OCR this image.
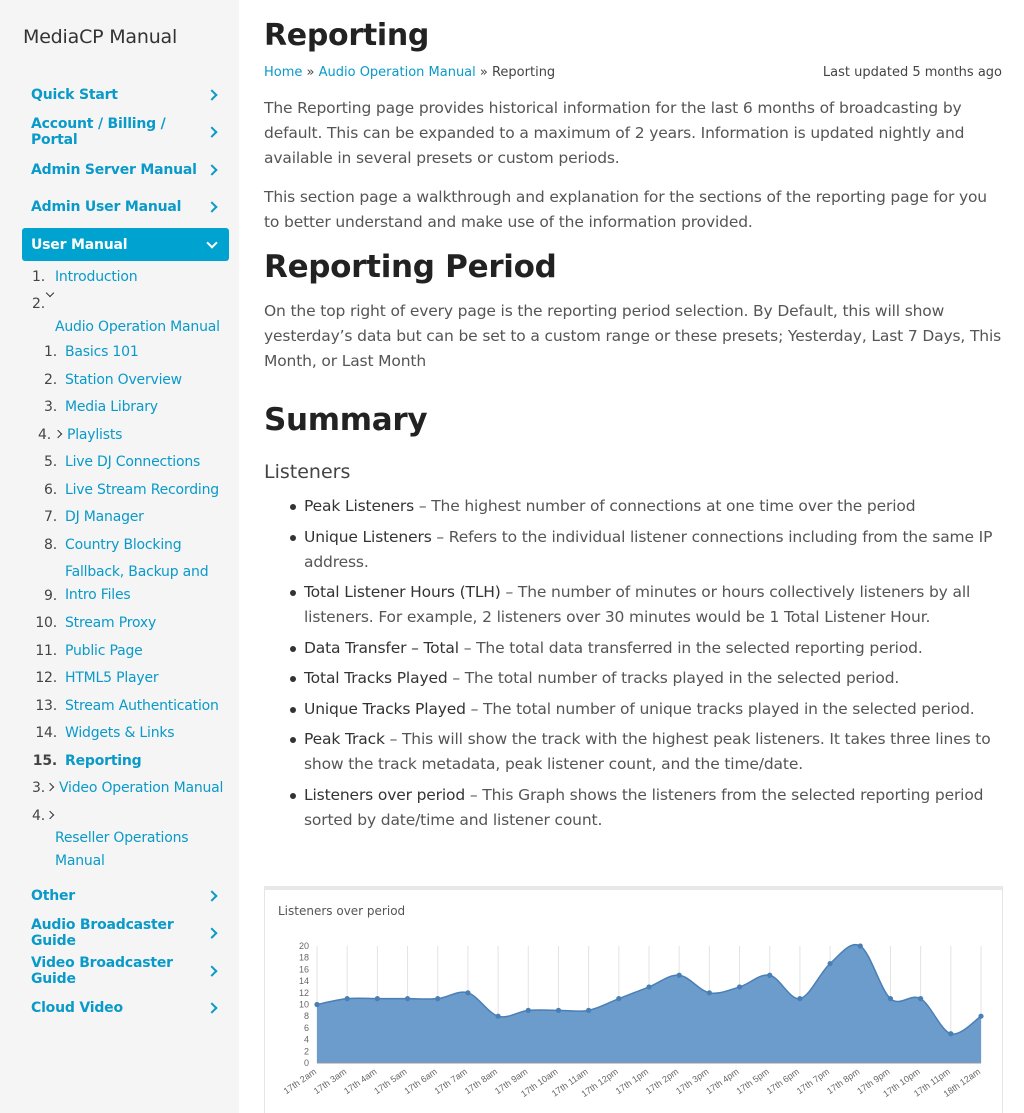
MediaCP Manual
Quick Start
Account / Billing / Portal
Admin Server Manual
Admin User Manual
User Manual
1. Introduction
2.
Audio Operation Manual
1. Basics 101
2. Station Overview
3. Media Library
4. Playlists
5. Live DJ Connections
6. Live Stream Recording
7. DJ Manager
8. Country Blocking
9.
Fallback, Backup and Intro Files
10. Stream Proxy
11. Public Page
12. HTML5 Player
13. Stream Authentication
14. Widgets & Links
15. Reporting
3. Video Operation Manual
4.
Reseller Operations Manual
Other
Audio Broadcaster Guide
Video Broadcaster Guide
Cloud Video
Reporting
Home » Audio Operation Manual » Reporting	Last updated 5 months ago

The Reporting page provides historical information for the last 6 months of broadcasting by default. This can be expanded to a maximum of 2 years. Information is updated nightly and available in several presets or custom periods.

This section page a walkthrough and explanation for the sections of the reporting page for you to better understand and make use of the information provided.

Reporting Period

On the top right of every page is the reporting period selection. By Default, this will show yesterday’s data but can be set to a custom range or these presets; Yesterday, Last 7 Days, This Month, or Last Month

Summary
Listeners
Peak Listeners – The highest number of connections at one time over the period
Unique Listeners – Refers to the individual listener connections including from the same IP address.
Total Listener Hours (TLH) – The number of minutes or hours collectively listeners by all listeners. For example, 2 listeners over 30 minutes would be 1 Total Listener Hour.
Data Transfer – Total – The total data transferred in the selected reporting period.
Total Tracks Played – The total number of tracks played in the selected period.
Unique Tracks Played – The total number of unique tracks played in the selected period.
Peak Track – This will show the track with the highest peak listeners. It takes three lines to show the track metadata, peak listener count, and the time/date.
Listeners over period – This Graph shows the listeners from the selected reporting period sorted by date/time and listener count.
Listeners over period
0
2
4
6
8
10
12
14
16
18
20
17th 2am
17th 3am
17th 4am
17th 5am
17th 6am
17th 7am
17th 8am
17th 9am
17th 10am
17th 11am
17th 12pm
17th 1pm
17th 2pm
17th 3pm
17th 4pm
17th 5pm
17th 6pm
17th 7pm
17th 8pm
17th 9pm
17th 10pm
17th 11pm
18th 12am
